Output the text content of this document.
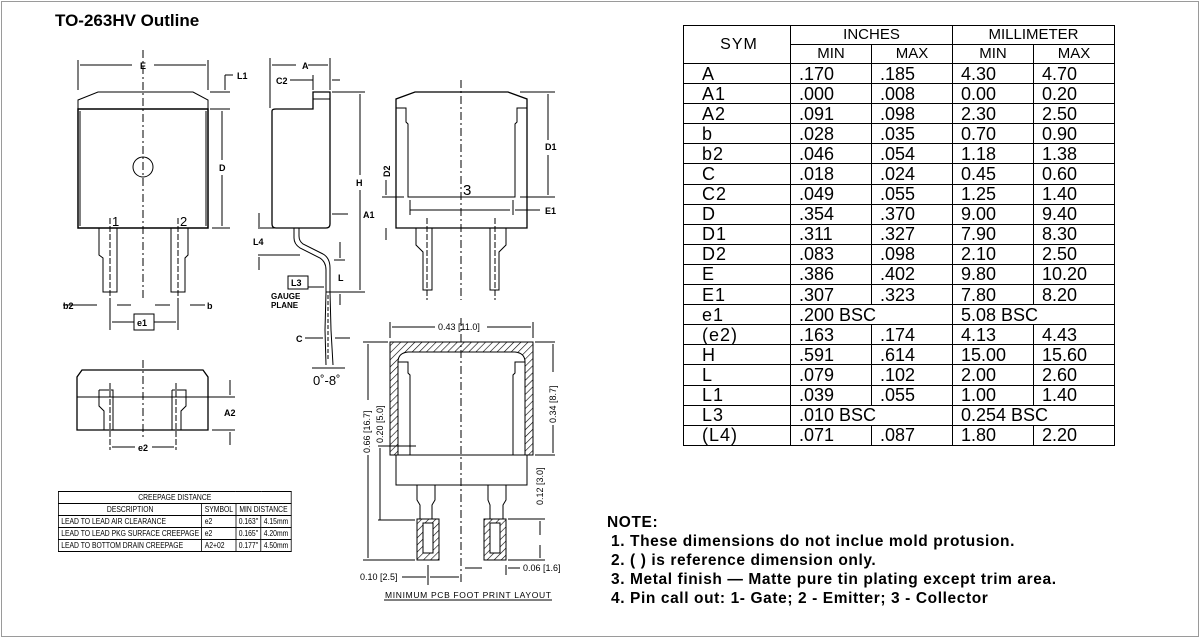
TO-263HV Outline
E
L1
D
1	2
b2	b
e1
A
C2
H
A1
L4
L
L3
GAUGE
PLANE
C
0˚-8˚
D1
D2
E1
3
A2
e2
0.43 [11.0]
0.66 [16.7] 0.20 [5.0]
0.34 [8.7]
0.12 [3.0]
0.10 [2.5]
0.06 [1.6]
MINIMUM PCB FOOT PRINT LAYOUT
CREEPAGE DISTANCE			
DESCRIPTION	SYMBOL	MIN DISTANCE	
LEAD TO LEAD AIR CLEARANCE	e2	0.163"	4.15mm
LEAD TO LEAD PKG SURFACE CREEPAGE	e2	0.165"	4.20mm
LEAD TO BOTTOM DRAIN CREEPAGE	A2+02	0.177"	4.50mm
SYM	INCHES		MILLIMETER	
	MIN	MAX	MIN	MAX
A	.170	.185	4.30	4.70
A1	.000	.008	0.00	0.20
A2	.091	.098	2.30	2.50
b	.028	.035	0.70	0.90
b2	.046	.054	1.18	1.38
C	.018	.024	0.45	0.60
C2	.049	.055	1.25	1.40
D	.354	.370	9.00	9.40
D1	.311	.327	7.90	8.30
D2	.083	.098	2.10	2.50
E	.386	.402	9.80	10.20
E1	.307	.323	7.80	8.20
e1	.200 BSC		5.08 BSC	
(e2)	.163	.174	4.13	4.43
H	.591	.614	15.00	15.60
L	.079	.102	2.00	2.60
L1	.039	.055	1.00	1.40
L3	.010 BSC		0.254 BSC	
(L4)	.071	.087	1.80	2.20
NOTE:
1. These dimensions do not inclue mold protusion.
2. ( ) is reference dimension only.
3. Metal finish — Matte pure tin plating except trim area.
4. Pin call out: 1- Gate; 2 - Emitter; 3 - Collector
